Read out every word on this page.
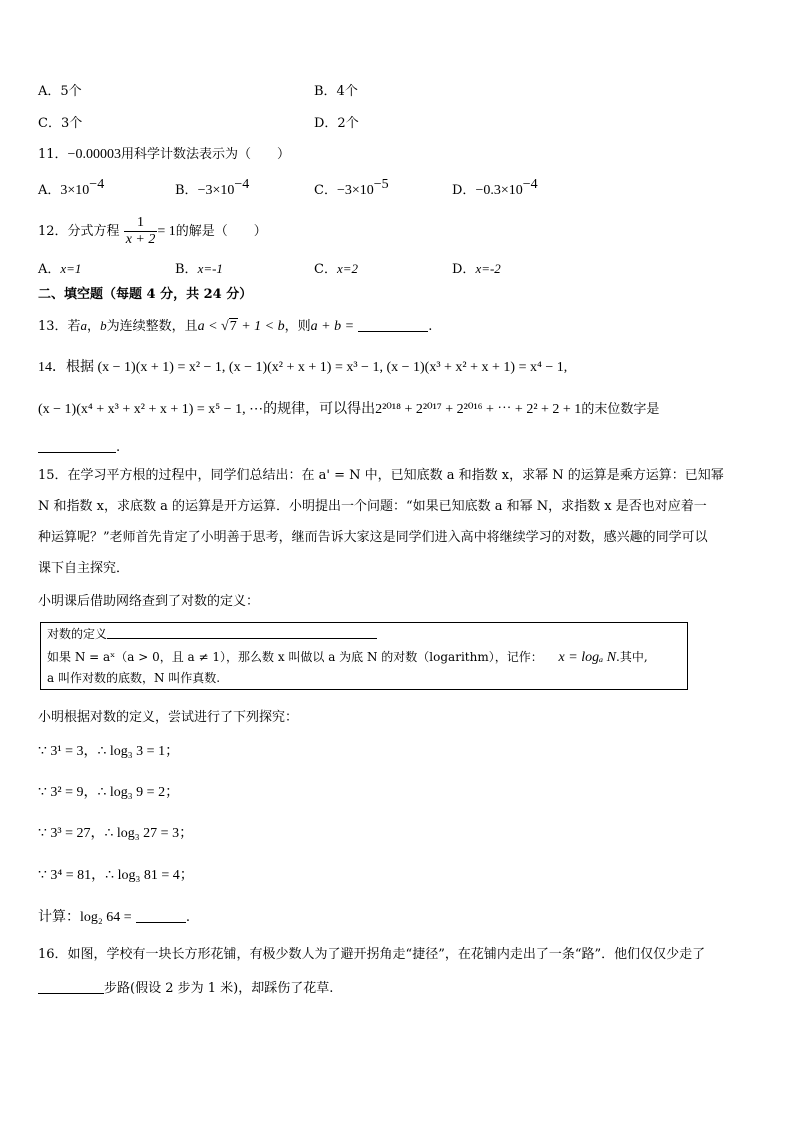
A．5个	B．4个
C．3个	D．2个
11．−0.00003用科学计数法表示为（　　）
A．$3\times 10^{-4}$	B．$-3\times 10^{-4}$	C．$-3\times 10^{-5}$	D．$-0.3\times 10^{-4}$
12．分式方程 $\frac{1}{x + 2} = 1$的解是（　　）
A．x=1	B．x=-1	C．x=2	D．x=-2
二、填空题（每题 4 分，共 24 分）
13．若a，b为连续整数，且a < √7 + 1 < b，则a + b =	.
14．根据 (x − 1)(x + 1) = x² − 1, (x − 1)(x² + x + 1) = x³ − 1, (x − 1)(x³ + x² + x + 1) = x⁴ − 1,
(x − 1)(x⁴ + x³ + x² + x + 1) = x⁵ − 1, ⋯的规律，可以得出2²⁰¹⁸ + 2²⁰¹⁷ + 2²⁰¹⁶ + ⋯ + 2² + 2 + 1的末位数字是
.
15．在学习平方根的过程中，同学们总结出：在 a' = N 中，已知底数 a 和指数 x，求幂 N 的运算是乘方运算：已知幂
N 和指数 x，求底数 a 的运算是开方运算．小明提出一个问题：“如果已知底数 a 和幂 N，求指数 x 是否也对应着一
种运算呢？”老师首先肯定了小明善于思考，继而告诉大家这是同学们进入高中将继续学习的对数，感兴趣的同学可以
课下自主探究．
小明课后借助网络查到了对数的定义：
对数的定义
如果 N = aˣ（a > 0，且 a ≠ 1），那么数 x 叫做以 a 为底 N 的对数（logarithm），记作： x = logₐ N.其中,
a 叫作对数的底数，N 叫作真数.
小明根据对数的定义，尝试进行了下列探究：
∵ 3¹ = 3，∴ log₃ 3 = 1；
∵ 3² = 9，∴ log₃ 9 = 2；
∵ 3³ = 27，∴ log₃ 27 = 3；
∵ 3⁴ = 81，∴ log₃ 81 = 4；
计算：log₂ 64 =	.
16．如图，学校有一块长方形花铺，有极少数人为了避开拐角走“捷径”，在花铺内走出了一条“路”．他们仅仅少走了
步路(假设 2 步为 1 米)，却踩伤了花草.
